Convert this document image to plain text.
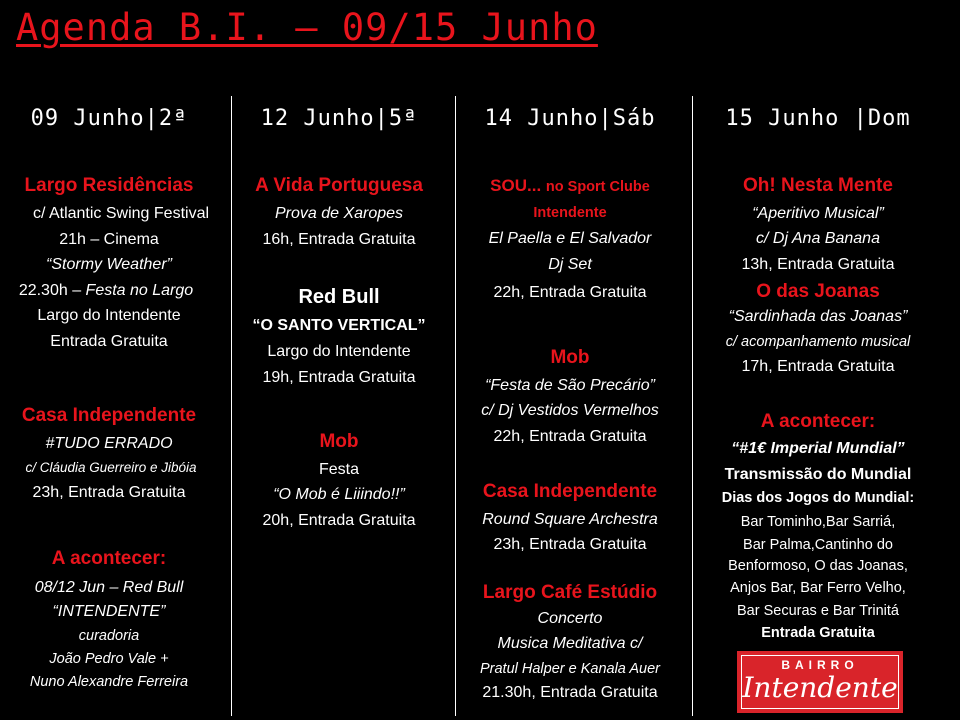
Agenda B.I. – 09/15 Junho
09 Junho|2ª
Largo Residências
c/ Atlantic Swing Festival
21h – Cinema
“Stormy Weather”
22.30h – Festa no Largo
Largo do Intendente
Entrada Gratuita
Casa Independente
#TUDO ERRADO
c/ Cláudia Guerreiro e Jibóia
23h, Entrada Gratuita
A acontecer:
08/12 Jun – Red Bull
“INTENDENTE”
curadoria
João Pedro Vale +
Nuno Alexandre Ferreira
12 Junho|5ª
A Vida Portuguesa
Prova de Xaropes
16h, Entrada Gratuita
Red Bull
“O SANTO VERTICAL”
Largo do Intendente
19h, Entrada Gratuita
Mob
Festa
“O Mob é Liiindo!!”
20h, Entrada Gratuita
14 Junho|Sáb
SOU... no Sport Clube
Intendente
El Paella e El Salvador
Dj Set
22h, Entrada Gratuita
Mob
“Festa de São Precário”
c/ Dj Vestidos Vermelhos
22h, Entrada Gratuita
Casa Independente
Round Square Archestra
23h, Entrada Gratuita
Largo Café Estúdio
Concerto
Musica Meditativa c/
Pratul Halper e Kanala Auer
21.30h, Entrada Gratuita
15 Junho |Dom
Oh! Nesta Mente
“Aperitivo Musical”
c/ Dj Ana Banana
13h, Entrada Gratuita
O das Joanas
“Sardinhada das Joanas”
c/ acompanhamento musical
17h, Entrada Gratuita
A acontecer:
“#1€ Imperial Mundial”
Transmissão do Mundial
Dias dos Jogos do Mundial:
Bar Tominho,Bar Sarriá,
Bar Palma,Cantinho do
Benformoso, O das Joanas,
Anjos Bar, Bar Ferro Velho,
Bar Securas e Bar Trinitá
Entrada Gratuita
BAIRRO
Intendente
